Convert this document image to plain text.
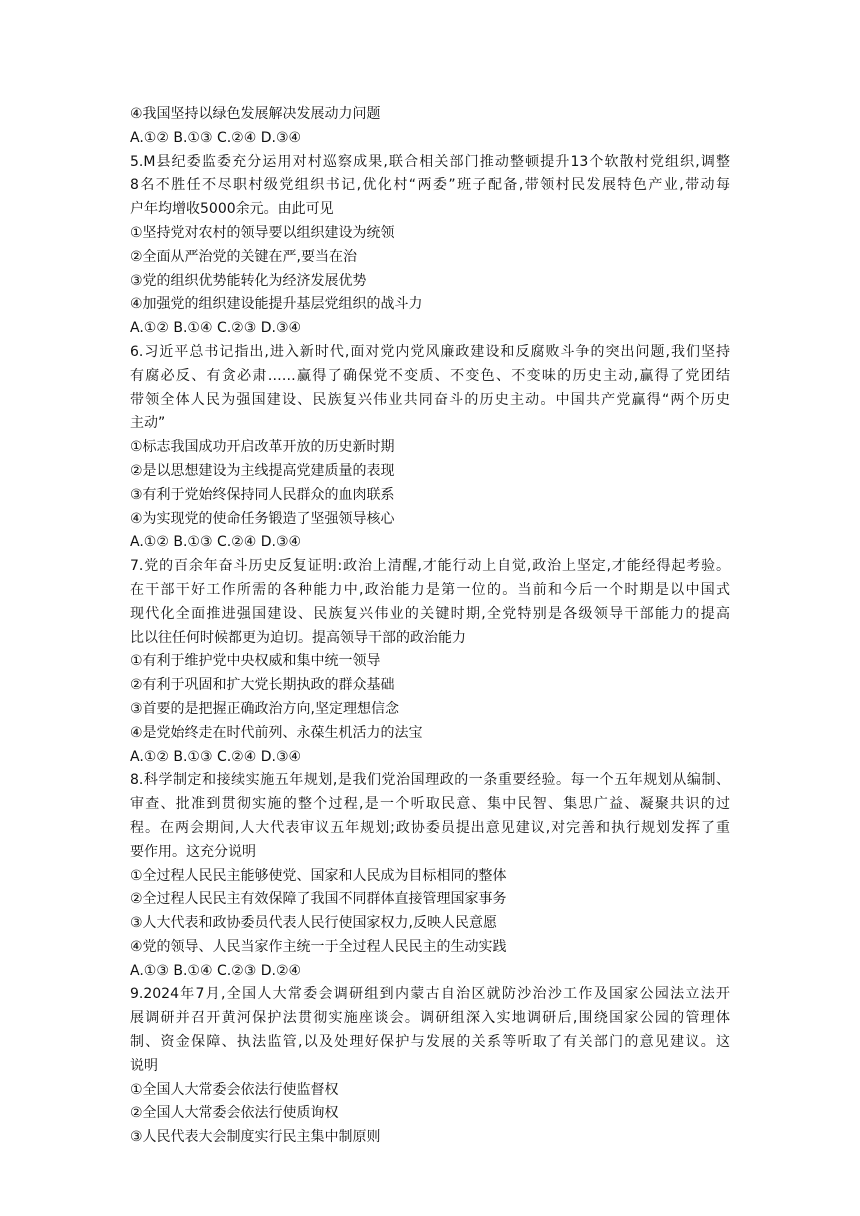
④我国坚持以绿色发展解决发展动力问题
A.①② B.①③ C.②④ D.③④
5.M县纪委监委充分运用对村巡察成果,联合相关部门推动整顿提升13个软散村党组织,调整
8名不胜任不尽职村级党组织书记,优化村“两委”班子配备,带领村民发展特色产业,带动每
户年均增收5000余元。由此可见
①坚持党对农村的领导要以组织建设为统领
②全面从严治党的关键在严,要当在治
③党的组织优势能转化为经济发展优势
④加强党的组织建设能提升基层党组织的战斗力
A.①② B.①④ C.②③ D.③④
6.习近平总书记指出,进入新时代,面对党内党风廉政建设和反腐败斗争的突出问题,我们坚持
有腐必反、有贪必肃……赢得了确保党不变质、不变色、不变味的历史主动,赢得了党团结
带领全体人民为强国建设、民族复兴伟业共同奋斗的历史主动。中国共产党赢得“两个历史
主动”
①标志我国成功开启改革开放的历史新时期
②是以思想建设为主线提高党建质量的表现
③有利于党始终保持同人民群众的血肉联系
④为实现党的使命任务锻造了坚强领导核心
A.①② B.①③ C.②④ D.③④
7.党的百余年奋斗历史反复证明:政治上清醒,才能行动上自觉,政治上坚定,才能经得起考验。
在干部干好工作所需的各种能力中,政治能力是第一位的。当前和今后一个时期是以中国式
现代化全面推进强国建设、民族复兴伟业的关键时期,全党特别是各级领导干部能力的提高
比以往任何时候都更为迫切。提高领导干部的政治能力
①有利于维护党中央权威和集中统一领导
②有利于巩固和扩大党长期执政的群众基础
③首要的是把握正确政治方向,坚定理想信念
④是党始终走在时代前列、永葆生机活力的法宝
A.①② B.①③ C.②④ D.③④
8.科学制定和接续实施五年规划,是我们党治国理政的一条重要经验。每一个五年规划从编制、
审查、批准到贯彻实施的整个过程,是一个听取民意、集中民智、集思广益、凝聚共识的过
程。在两会期间,人大代表审议五年规划;政协委员提出意见建议,对完善和执行规划发挥了重
要作用。这充分说明
①全过程人民民主能够使党、国家和人民成为目标相同的整体
②全过程人民民主有效保障了我国不同群体直接管理国家事务
③人大代表和政协委员代表人民行使国家权力,反映人民意愿
④党的领导、人民当家作主统一于全过程人民民主的生动实践
A.①③ B.①④ C.②③ D.②④
9.2024年7月,全国人大常委会调研组到内蒙古自治区就防沙治沙工作及国家公园法立法开
展调研并召开黄河保护法贯彻实施座谈会。调研组深入实地调研后,围绕国家公园的管理体
制、资金保障、执法监管,以及处理好保护与发展的关系等听取了有关部门的意见建议。这
说明
①全国人大常委会依法行使监督权
②全国人大常委会依法行使质询权
③人民代表大会制度实行民主集中制原则
